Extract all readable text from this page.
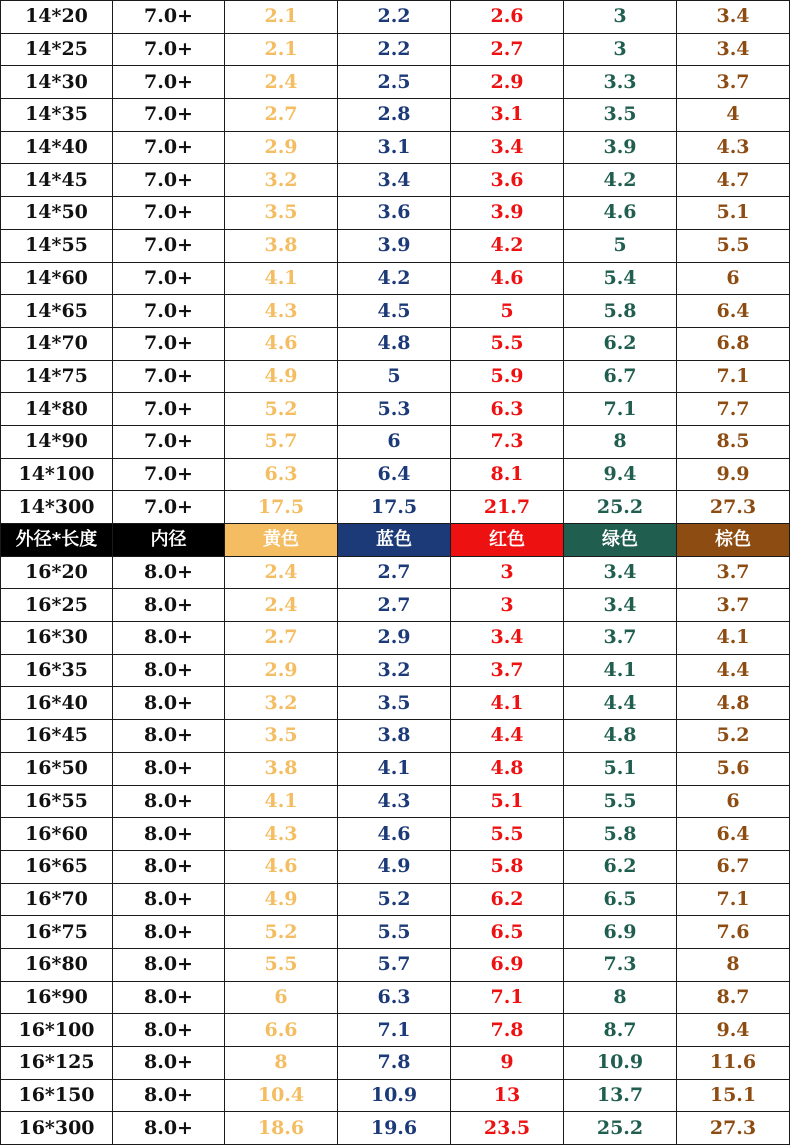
14*20	7.0+	2.1	2.2	2.6	3	3.4
14*25	7.0+	2.1	2.2	2.7	3	3.4
14*30	7.0+	2.4	2.5	2.9	3.3	3.7
14*35	7.0+	2.7	2.8	3.1	3.5	4
14*40	7.0+	2.9	3.1	3.4	3.9	4.3
14*45	7.0+	3.2	3.4	3.6	4.2	4.7
14*50	7.0+	3.5	3.6	3.9	4.6	5.1
14*55	7.0+	3.8	3.9	4.2	5	5.5
14*60	7.0+	4.1	4.2	4.6	5.4	6
14*65	7.0+	4.3	4.5	5	5.8	6.4
14*70	7.0+	4.6	4.8	5.5	6.2	6.8
14*75	7.0+	4.9	5	5.9	6.7	7.1
14*80	7.0+	5.2	5.3	6.3	7.1	7.7
14*90	7.0+	5.7	6	7.3	8	8.5
14*100	7.0+	6.3	6.4	8.1	9.4	9.9
14*300	7.0+	17.5	17.5	21.7	25.2	27.3
外径*长度	内径	黄色	蓝色	红色	绿色	棕色
16*20	8.0+	2.4	2.7	3	3.4	3.7
16*25	8.0+	2.4	2.7	3	3.4	3.7
16*30	8.0+	2.7	2.9	3.4	3.7	4.1
16*35	8.0+	2.9	3.2	3.7	4.1	4.4
16*40	8.0+	3.2	3.5	4.1	4.4	4.8
16*45	8.0+	3.5	3.8	4.4	4.8	5.2
16*50	8.0+	3.8	4.1	4.8	5.1	5.6
16*55	8.0+	4.1	4.3	5.1	5.5	6
16*60	8.0+	4.3	4.6	5.5	5.8	6.4
16*65	8.0+	4.6	4.9	5.8	6.2	6.7
16*70	8.0+	4.9	5.2	6.2	6.5	7.1
16*75	8.0+	5.2	5.5	6.5	6.9	7.6
16*80	8.0+	5.5	5.7	6.9	7.3	8
16*90	8.0+	6	6.3	7.1	8	8.7
16*100	8.0+	6.6	7.1	7.8	8.7	9.4
16*125	8.0+	8	7.8	9	10.9	11.6
16*150	8.0+	10.4	10.9	13	13.7	15.1
16*300	8.0+	18.6	19.6	23.5	25.2	27.3
